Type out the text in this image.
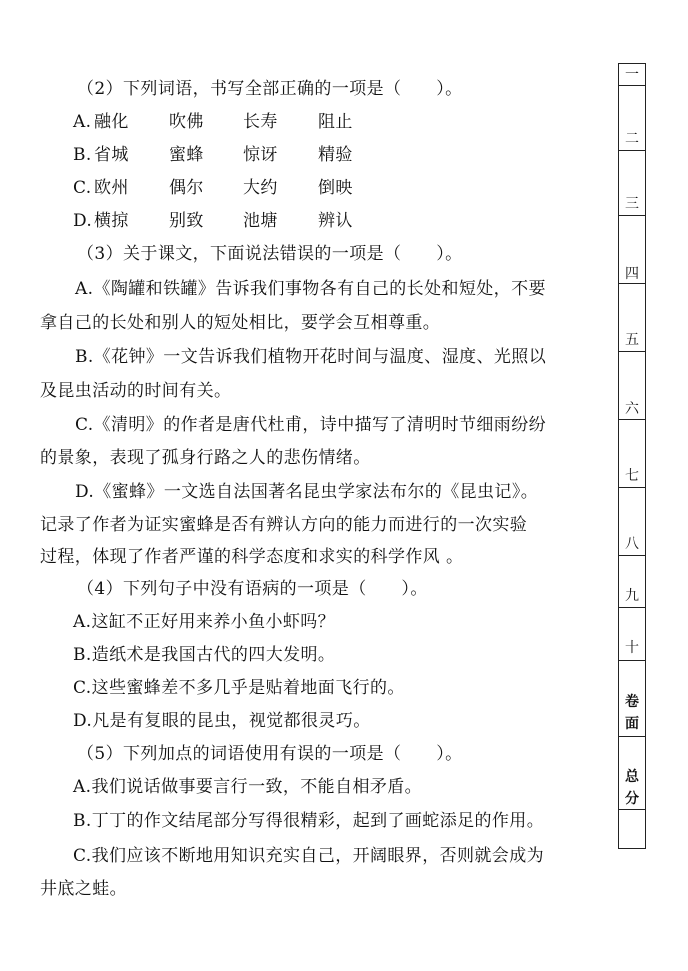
（2）下列词语，书写全部正确的一项是（　　）。
A. 融化 吹佛 长寿 阻止
B. 省城 蜜蜂 惊讶 精验
C. 欧州 偶尔 大约 倒映
D. 横掠 别致 池塘 辨认
（3）关于课文，下面说法错误的一项是（　　）。
A.《陶罐和铁罐》告诉我们事物各有自己的长处和短处，不要
拿自己的长处和别人的短处相比，要学会互相尊重。
B.《花钟》一文告诉我们植物开花时间与温度、湿度、光照以
及昆虫活动的时间有关。
C.《清明》的作者是唐代杜甫，诗中描写了清明时节细雨纷纷
的景象，表现了孤身行路之人的悲伤情绪。
D.《蜜蜂》一文选自法国著名昆虫学家法布尔的《昆虫记》。
记录了作者为证实蜜蜂是否有辨认方向的能力而进行的一次实验
过程，体现了作者严谨的科学态度和求实的科学作风 。
（4）下列句子中没有语病的一项是（　　）。
A.这缸不正好用来养小鱼小虾吗？
B.造纸术是我国古代的四大发明。
C.这些蜜蜂差不多几乎是贴着地面飞行的。
D.凡是有复眼的昆虫，视觉都很灵巧。
（5）下列加点的词语使用有误的一项是（　　）。
A.我们说话做事要言行一致，不能自相矛盾。
B.丁丁的作文结尾部分写得很精彩，起到了画蛇添足的作用。
C.我们应该不断地用知识充实自己，开阔眼界，否则就会成为
井底之蛙。
一
二
三
四
五
六
七
八
九
十
卷面
总分
